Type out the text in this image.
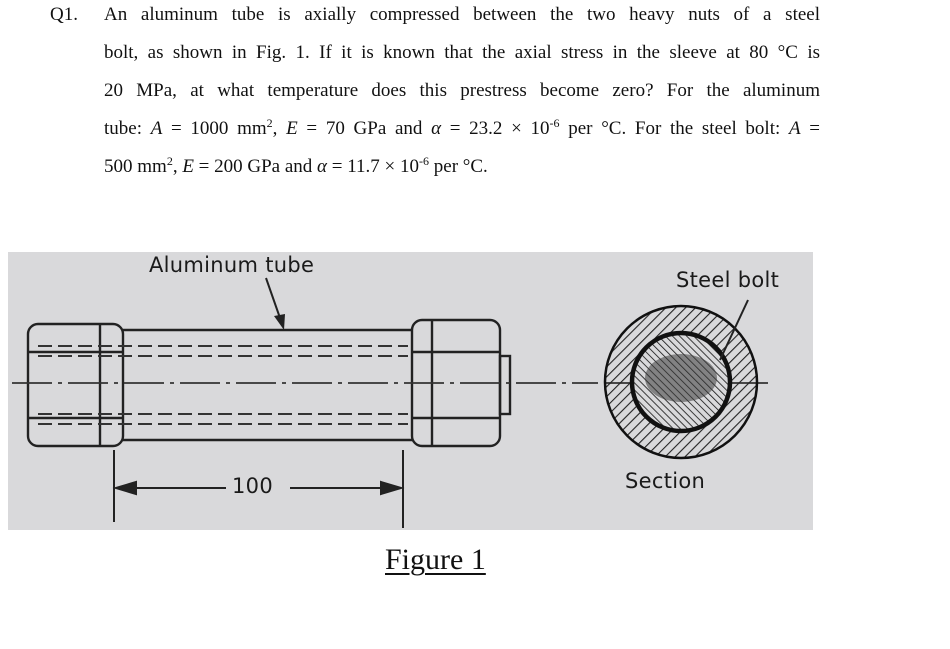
Q1. An aluminum tube is axially compressed between the two heavy nuts of a steel
bolt, as shown in Fig. 1. If it is known that the axial stress in the sleeve at 80 °C is
20 MPa, at what temperature does this prestress become zero? For the aluminum
tube: A = 1000 $mm^2$, E = 70 GPa and $\alpha = 23.2 \times 10^{-6}$ per °C. For the steel bolt: A =
500 $mm^2$, E = 200 GPa and $\alpha = 11.7 \times 10^{-6}$ per °C.
Aluminum tube
Steel bolt
Section
100
Figure 1
